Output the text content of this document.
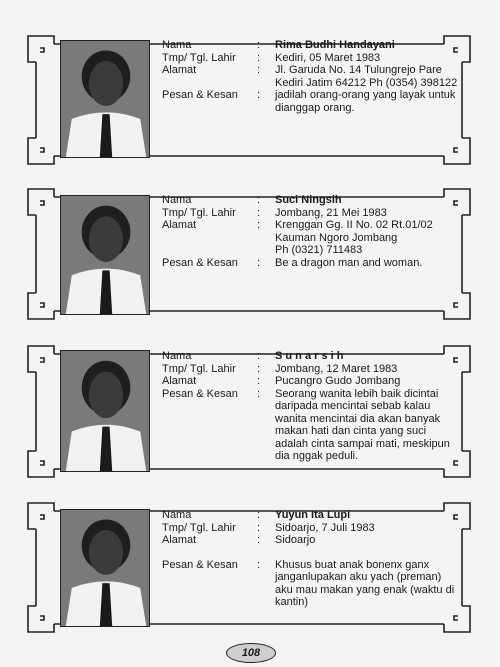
Nama	:	Rima Budhi Handayani
Tmp/ Tgl. Lahir	:	Kediri, 05 Maret 1983
Alamat	:	Jl. Garuda No. 14 Tulungrejo Pare
Kediri Jatim 64212 Ph (0354) 398122
Pesan & Kesan	:	jadilah orang-orang yang layak untuk
dianggap orang.
Nama	:	Suci Ningsih
Tmp/ Tgl. Lahir	:	Jombang, 21 Mei 1983
Alamat	:	Krenggan Gg. II No. 02 Rt.01/02
Kauman Ngoro Jombang
Ph (0321) 711483
Pesan & Kesan	:	Be a dragon man and woman.
Nama	:	S u n a r s i h
Tmp/ Tgl. Lahir	:	Jombang, 12 Maret 1983
Alamat	:	Pucangro Gudo Jombang
Pesan & Kesan	:	Seorang wanita lebih baik dicintai
daripada mencintai sebab kalau
wanita mencintai dia akan banyak
makan hati dan cinta yang suci
adalah cinta sampai mati, meskipun
dia nggak peduli.
Nama	:	Yuyun Ita Lupi
Tmp/ Tgl. Lahir	:	Sidoarjo, 7 Juli 1983
Alamat	:	Sidoarjo
Pesan & Kesan	:	Khusus buat anak bonenx ganx
janganlupakan aku yach (preman)
aku mau makan yang enak (waktu di
kantin)
108
